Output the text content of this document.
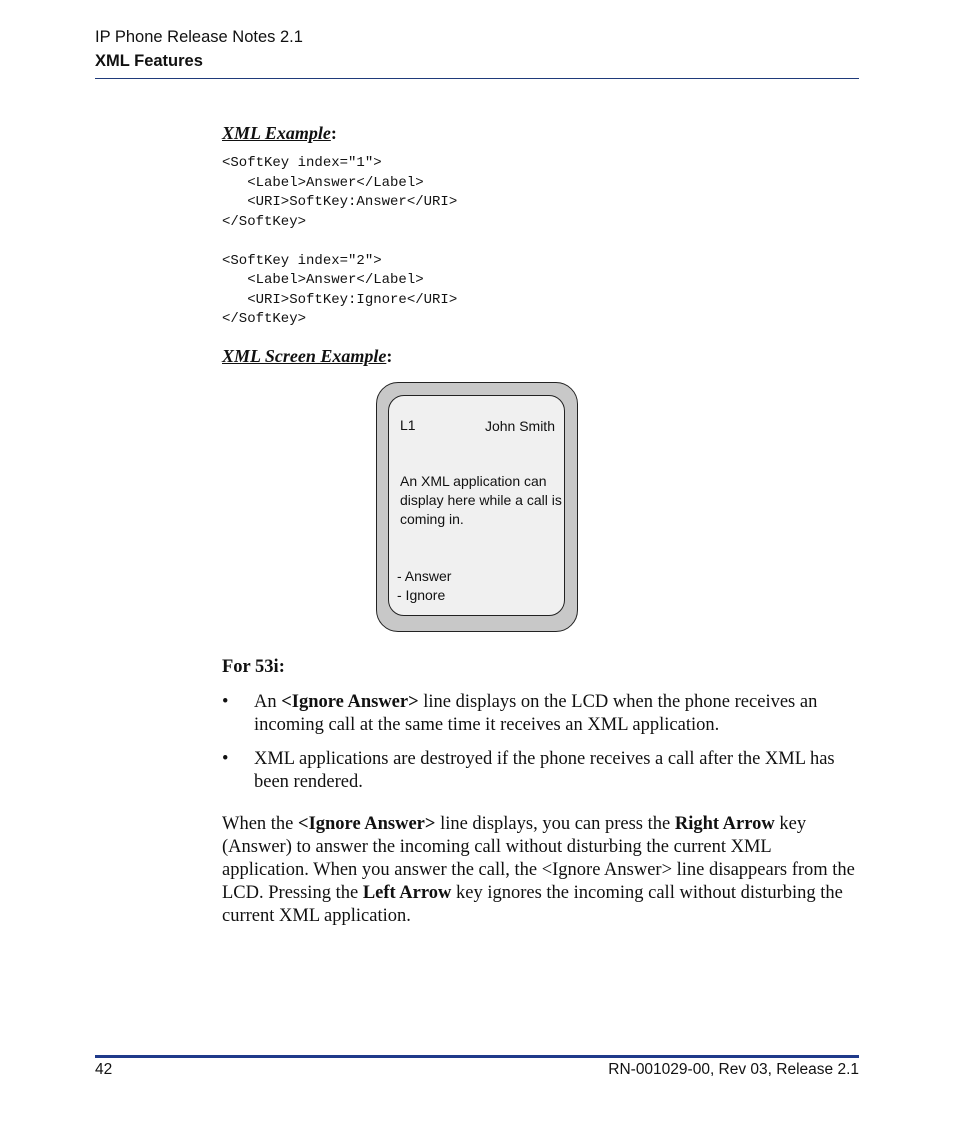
IP Phone Release Notes 2.1
XML Features
XML Example:
<SoftKey index="1">
<Label>Answer</Label>
<URI>SoftKey:Answer</URI>
</SoftKey>
<SoftKey index="2">
<Label>Answer</Label>
<URI>SoftKey:Ignore</URI>
</SoftKey>
XML Screen Example:
L1	John Smith
An XML application can display here while a call is coming in.
- Answer
- Ignore
For 53i:
• An <Ignore Answer> line displays on the LCD when the phone receives an incoming call at the same time it receives an XML application.
• XML applications are destroyed if the phone receives a call after the XML has been rendered.
When the <Ignore Answer> line displays, you can press the Right Arrow key (Answer) to answer the incoming call without disturbing the current XML application. When you answer the call, the <Ignore Answer> line disappears from the LCD. Pressing the Left Arrow key ignores the incoming call without disturbing the current XML application.
42	RN-001029-00, Rev 03, Release 2.1
